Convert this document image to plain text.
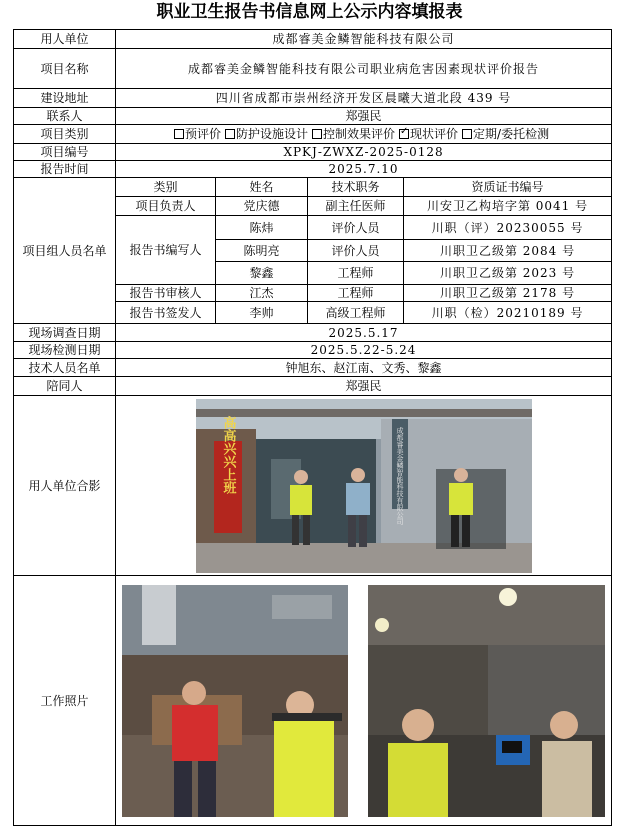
职业卫生报告书信息网上公示内容填报表
用人单位	成都睿美金鳞智能科技有限公司			
项目名称	成都睿美金鳞智能科技有限公司职业病危害因素现状评价报告			
建设地址	四川省成都市崇州经济开发区晨曦大道北段 439 号			
联系人	郑强民			
项目类别	预评价 防护设施设计 控制效果评价 ✓ 现状评价 定期/委托检测
项目编号	XPKJ-ZWXZ-2025-0128			
报告时间	2025.7.10			
项目组人员名单	类别	姓名	技术职务	资质证书编号
	项目负责人	党庆德	副主任医师	川安卫乙构培字第 0041 号
	报告书编写人	陈炜	评价人员	川职（评）20230055 号
		陈明亮	评价人员	川职卫乙级第 2084 号
		黎鑫	工程师	川职卫乙级第 2023 号
	报告书审核人	江杰	工程师	川职卫乙级第 2178 号
	报告书签发人	李帅	高级工程师	川职（检）20210189 号
现场调查日期	2025.5.17			
现场检测日期	2025.5.22-5.24			
技术人员名单	钟旭东、赵江南、文秀、黎鑫			
陪同人	郑强民			
用人单位合影	高高兴兴上班 成都睿美金鳞智能科技有限公司			

工作照片	
